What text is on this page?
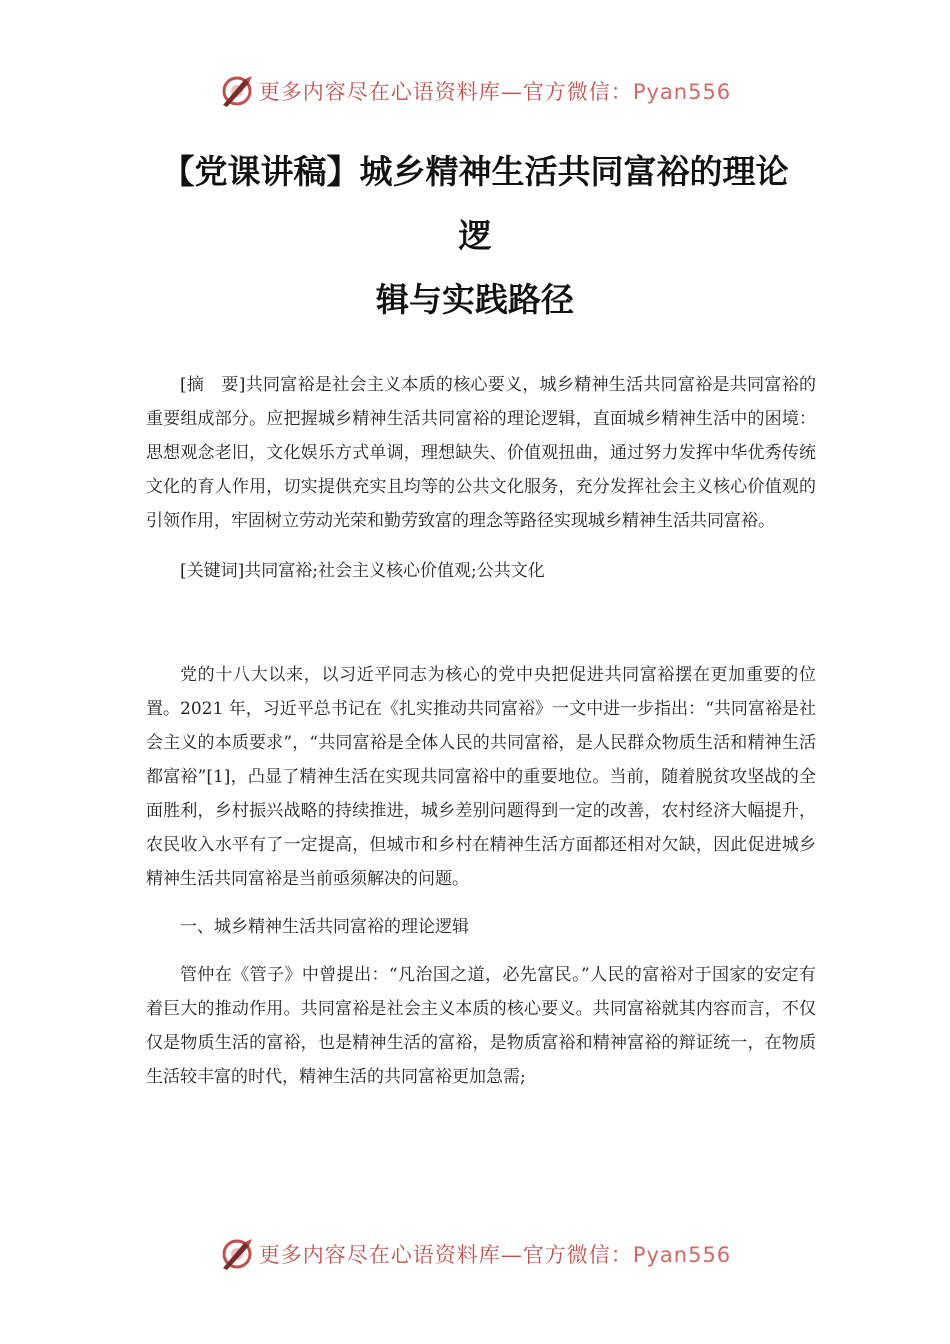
更多内容尽在心语资料库—官方微信：Pyan556
【党课讲稿】城乡精神生活共同富裕的理论
逻
辑与实践路径

[摘　要]共同富裕是社会主义本质的核心要义，城乡精神生活共同富裕是共同富裕的重要组成部分。应把握城乡精神生活共同富裕的理论逻辑，直面城乡精神生活中的困境：思想观念老旧，文化娱乐方式单调，理想缺失、价值观扭曲，通过努力发挥中华优秀传统文化的育人作用，切实提供充实且均等的公共文化服务，充分发挥社会主义核心价值观的引领作用，牢固树立劳动光荣和勤劳致富的理念等路径实现城乡精神生活共同富裕。

[关键词]共同富裕;社会主义核心价值观;公共文化

党的十八大以来，以习近平同志为核心的党中央把促进共同富裕摆在更加重要的位置。2021 年，习近平总书记在《扎实推动共同富裕》一文中进一步指出：“共同富裕是社会主义的本质要求”，“共同富裕是全体人民的共同富裕，是人民群众物质生活和精神生活都富裕”[1]，凸显了精神生活在实现共同富裕中的重要地位。当前，随着脱贫攻坚战的全面胜利，乡村振兴战略的持续推进，城乡差别问题得到一定的改善，农村经济大幅提升，农民收入水平有了一定提高，但城市和乡村在精神生活方面都还相对欠缺，因此促进城乡精神生活共同富裕是当前亟须解决的问题。

一、城乡精神生活共同富裕的理论逻辑

管仲在《管子》中曾提出：“凡治国之道，必先富民。”人民的富裕对于国家的安定有着巨大的推动作用。共同富裕是社会主义本质的核心要义。共同富裕就其内容而言，不仅仅是物质生活的富裕，也是精神生活的富裕，是物质富裕和精神富裕的辩证统一，在物质生活较丰富的时代，精神生活的共同富裕更加急需;

更多内容尽在心语资料库—官方微信：Pyan556
